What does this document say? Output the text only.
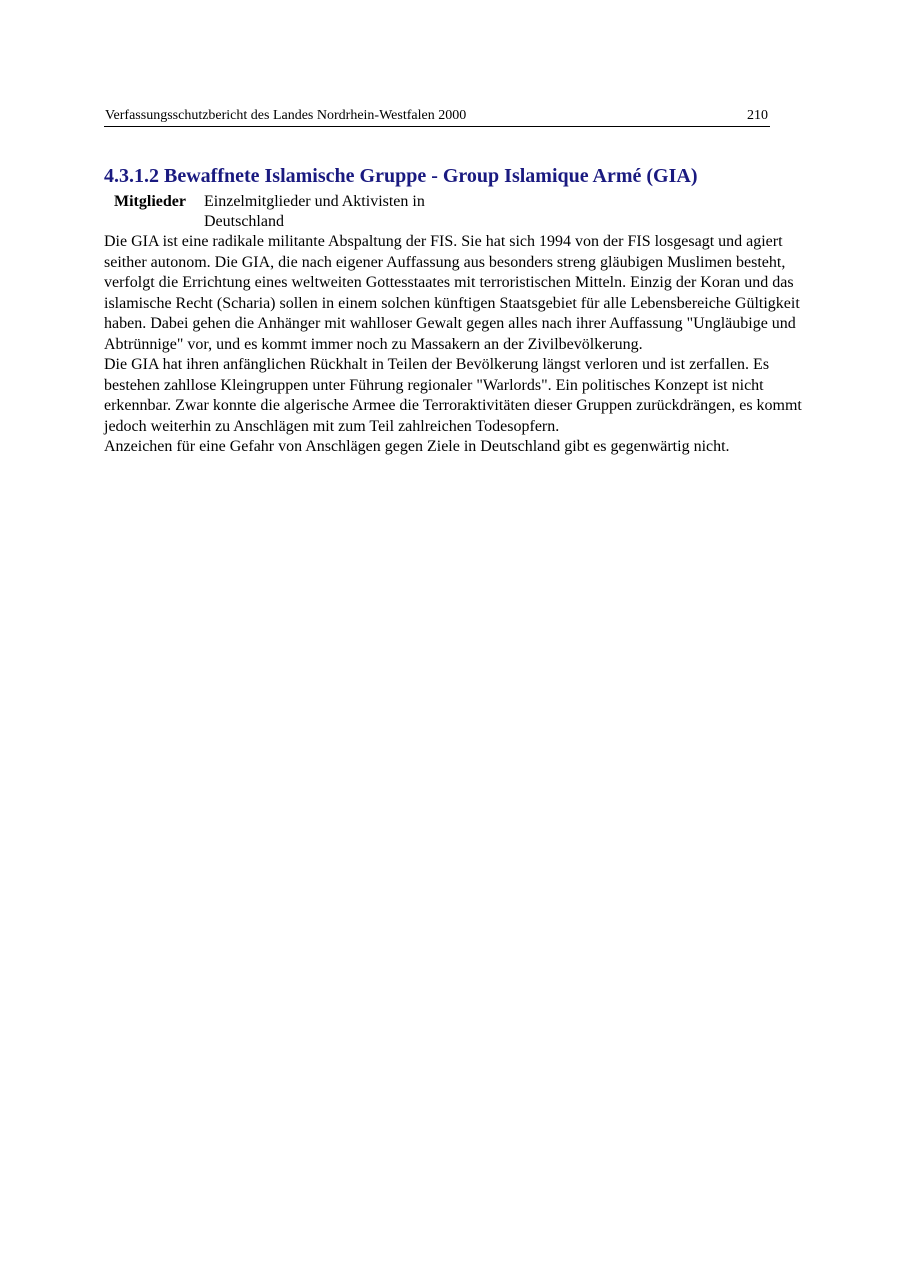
Verfassungsschutzbericht des Landes Nordrhein-Westfalen 2000	210
4.3.1.2 Bewaffnete Islamische Gruppe - Group Islamique Armé (GIA)
Mitglieder	Einzelmitglieder und Aktivisten in Deutschland

Die GIA ist eine radikale militante Abspaltung der FIS. Sie hat sich 1994 von der FIS losgesagt und agiert seither autonom. Die GIA, die nach eigener Auffassung aus besonders streng gläubigen Muslimen besteht, verfolgt die Errichtung eines weltweiten Gottesstaates mit terroristischen Mitteln. Einzig der Koran und das islamische Recht (Scharia) sollen in einem solchen künftigen Staatsgebiet für alle Lebensbereiche Gültigkeit haben. Dabei gehen die Anhänger mit wahlloser Gewalt gegen alles nach ihrer Auffassung "Ungläubige und Abtrünnige" vor, und es kommt immer noch zu Massakern an der Zivilbevölkerung.

Die GIA hat ihren anfänglichen Rückhalt in Teilen der Bevölkerung längst verloren und ist zerfallen. Es bestehen zahllose Kleingruppen unter Führung regionaler "Warlords". Ein politisches Konzept ist nicht erkennbar. Zwar konnte die algerische Armee die Terroraktivitäten dieser Gruppen zurückdrängen, es kommt jedoch weiterhin zu Anschlägen mit zum Teil zahlreichen Todesopfern.

Anzeichen für eine Gefahr von Anschlägen gegen Ziele in Deutschland gibt es gegenwärtig nicht.
